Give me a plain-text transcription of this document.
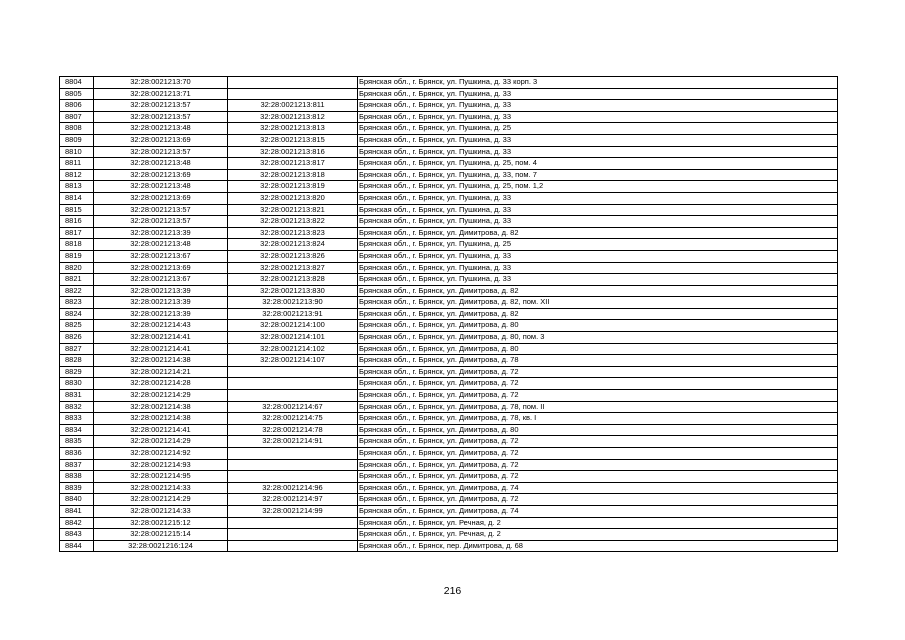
8804	32:28:0021213:70		Брянская обл., г. Брянск, ул. Пушкина, д. 33 корп. 3
8805	32:28:0021213:71		Брянская обл., г. Брянск, ул. Пушкина, д. 33
8806	32:28:0021213:57	32:28:0021213:811	Брянская обл., г. Брянск, ул. Пушкина, д. 33
8807	32:28:0021213:57	32:28:0021213:812	Брянская обл., г. Брянск, ул. Пушкина, д. 33
8808	32:28:0021213:48	32:28:0021213:813	Брянская обл., г. Брянск, ул. Пушкина, д. 25
8809	32:28:0021213:69	32:28:0021213:815	Брянская обл., г. Брянск, ул. Пушкина, д. 33
8810	32:28:0021213:57	32:28:0021213:816	Брянская обл., г. Брянск, ул. Пушкина, д. 33
8811	32:28:0021213:48	32:28:0021213:817	Брянская обл., г. Брянск, ул. Пушкина, д. 25, пом. 4
8812	32:28:0021213:69	32:28:0021213:818	Брянская обл., г. Брянск, ул. Пушкина, д. 33, пом. 7
8813	32:28:0021213:48	32:28:0021213:819	Брянская обл., г. Брянск, ул. Пушкина, д. 25, пом. 1,2
8814	32:28:0021213:69	32:28:0021213:820	Брянская обл., г. Брянск, ул. Пушкина, д. 33
8815	32:28:0021213:57	32:28:0021213:821	Брянская обл., г. Брянск, ул. Пушкина, д. 33
8816	32:28:0021213:57	32:28:0021213:822	Брянская обл., г. Брянск, ул. Пушкина, д. 33
8817	32:28:0021213:39	32:28:0021213:823	Брянская обл., г. Брянск, ул. Димитрова, д. 82
8818	32:28:0021213:48	32:28:0021213:824	Брянская обл., г. Брянск, ул. Пушкина, д. 25
8819	32:28:0021213:67	32:28:0021213:826	Брянская обл., г. Брянск, ул. Пушкина, д. 33
8820	32:28:0021213:69	32:28:0021213:827	Брянская обл., г. Брянск, ул. Пушкина, д. 33
8821	32:28:0021213:67	32:28:0021213:828	Брянская обл., г. Брянск, ул. Пушкина, д. 33
8822	32:28:0021213:39	32:28:0021213:830	Брянская обл., г. Брянск, ул. Димитрова, д. 82
8823	32:28:0021213:39	32:28:0021213:90	Брянская обл., г. Брянск, ул. Димитрова, д. 82, пом. XII
8824	32:28:0021213:39	32:28:0021213:91	Брянская обл., г. Брянск, ул. Димитрова, д. 82
8825	32:28:0021214:43	32:28:0021214:100	Брянская обл., г. Брянск, ул. Димитрова, д. 80
8826	32:28:0021214:41	32:28:0021214:101	Брянская обл., г. Брянск, ул. Димитрова, д. 80, пом. 3
8827	32:28:0021214:41	32:28:0021214:102	Брянская обл., г. Брянск, ул. Димитрова, д. 80
8828	32:28:0021214:38	32:28:0021214:107	Брянская обл., г. Брянск, ул. Димитрова, д. 78
8829	32:28:0021214:21		Брянская обл., г. Брянск, ул. Димитрова, д. 72
8830	32:28:0021214:28		Брянская обл., г. Брянск, ул. Димитрова, д. 72
8831	32:28:0021214:29		Брянская обл., г. Брянск, ул. Димитрова, д. 72
8832	32:28:0021214:38	32:28:0021214:67	Брянская обл., г. Брянск, ул. Димитрова, д. 78, пом. II
8833	32:28:0021214:38	32:28:0021214:75	Брянская обл., г. Брянск, ул. Димитрова, д. 78, кв. I
8834	32:28:0021214:41	32:28:0021214:78	Брянская обл., г. Брянск, ул. Димитрова, д. 80
8835	32:28:0021214:29	32:28:0021214:91	Брянская обл., г. Брянск, ул. Димитрова, д. 72
8836	32:28:0021214:92		Брянская обл., г. Брянск, ул. Димитрова, д. 72
8837	32:28:0021214:93		Брянская обл., г. Брянск, ул. Димитрова, д. 72
8838	32:28:0021214:95		Брянская обл., г. Брянск, ул. Димитрова, д. 72
8839	32:28:0021214:33	32:28:0021214:96	Брянская обл., г. Брянск, ул. Димитрова, д. 74
8840	32:28:0021214:29	32:28:0021214:97	Брянская обл., г. Брянск, ул. Димитрова, д. 72
8841	32:28:0021214:33	32:28:0021214:99	Брянская обл., г. Брянск, ул. Димитрова, д. 74
8842	32:28:0021215:12		Брянская обл., г. Брянск, ул. Речная, д. 2
8843	32:28:0021215:14		Брянская обл., г. Брянск, ул. Речная, д. 2
8844	32:28:0021216:124		Брянская обл., г. Брянск, пер. Димитрова, д. 68
216
